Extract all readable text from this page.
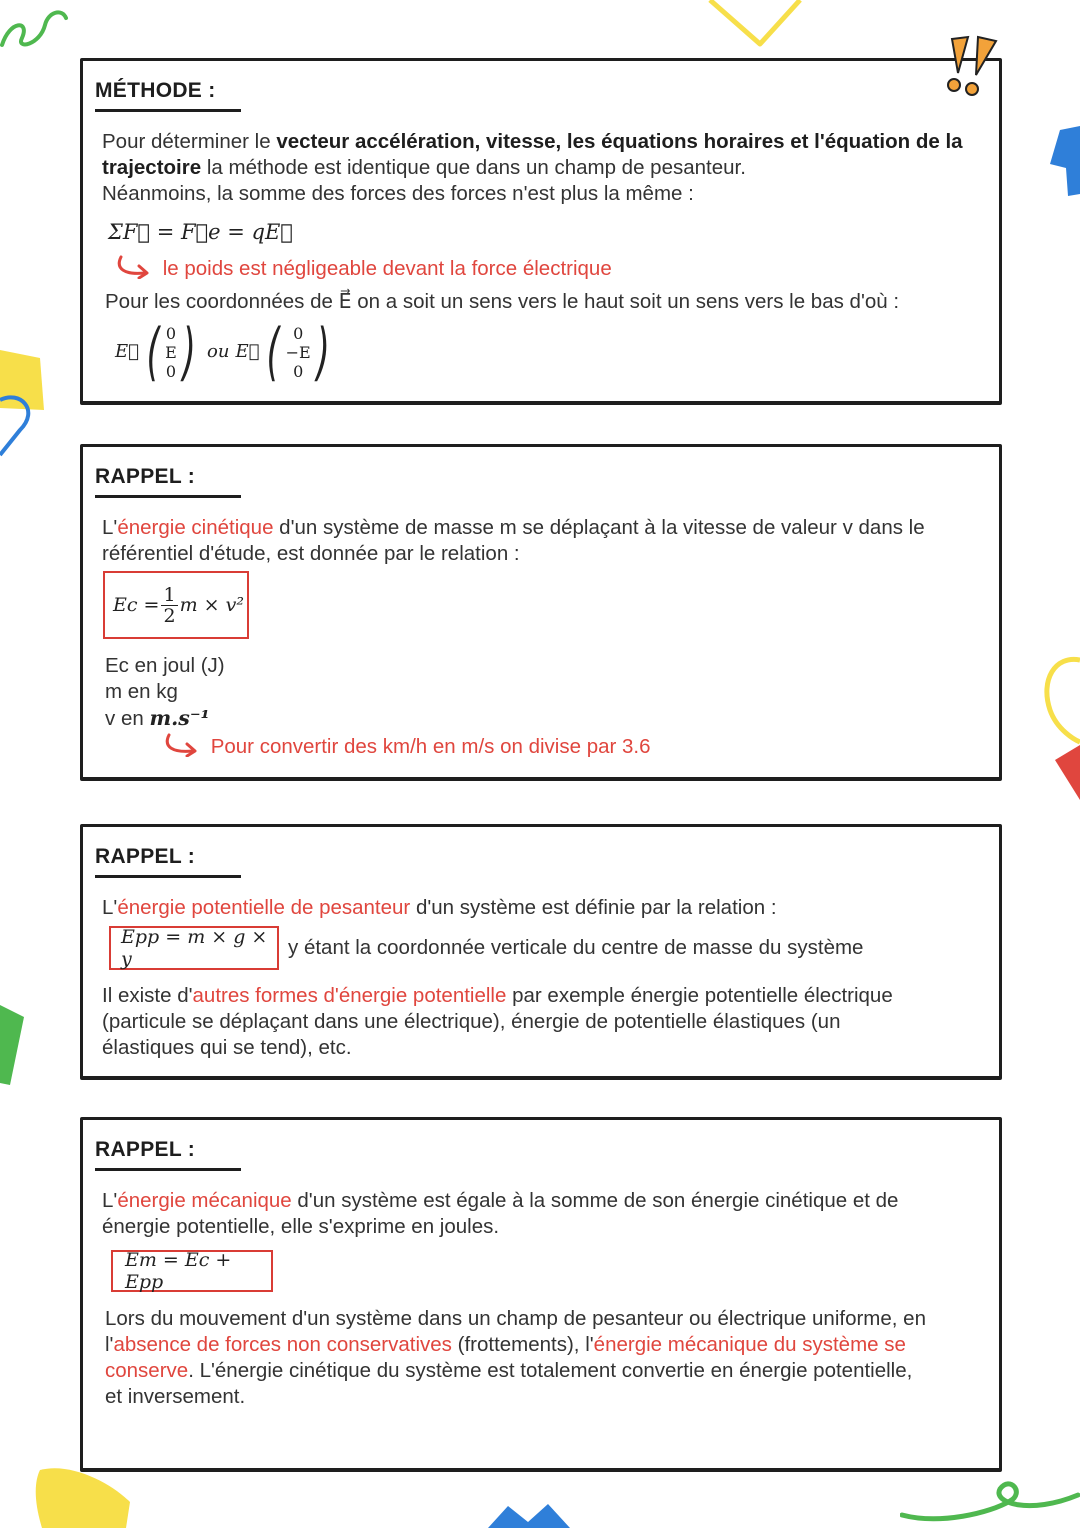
MÉTHODE :
Pour déterminer le vecteur accélération, vitesse, les équations horaires et l'équation de la
trajectoire la méthode est identique que dans un champ de pesanteur.
Néanmoins, la somme des forces des forces n'est plus la même :
ΣF⃗ = F⃗e = qE⃗
le poids est négligeable devant la force électrique
Pour les coordonnées de E⃗ on a soit un sens vers le haut soit un sens vers le bas d'où :
E⃗ ( 0
E
0 ) ou E⃗ ( 0
−E
0 )
RAPPEL :
L'énergie cinétique d'un système de masse m se déplaçant à la vitesse de valeur v dans le
référentiel d'étude, est donnée par le relation :
$Ec = \frac{1}{2}$ m × v²
Ec en joul (J)
m en kg
v en m.s⁻¹
Pour convertir des km/h en m/s on divise par 3.6
RAPPEL :
L'énergie potentielle de pesanteur d'un système est définie par la relation :
Epp = m × g × y	y étant la coordonnée verticale du centre de masse du système
Il existe d'autres formes d'énergie potentielle par exemple énergie potentielle électrique
(particule se déplaçant dans une électrique), énergie de potentielle élastiques (un
élastiques qui se tend), etc.
RAPPEL :
L'énergie mécanique d'un système est égale à la somme de son énergie cinétique et de
énergie potentielle, elle s'exprime en joules.
Em = Ec + Epp
Lors du mouvement d'un système dans un champ de pesanteur ou électrique uniforme, en
l'absence de forces non conservatives (frottements), l'énergie mécanique du système se
conserve. L'énergie cinétique du système est totalement convertie en énergie potentielle,
et inversement.
